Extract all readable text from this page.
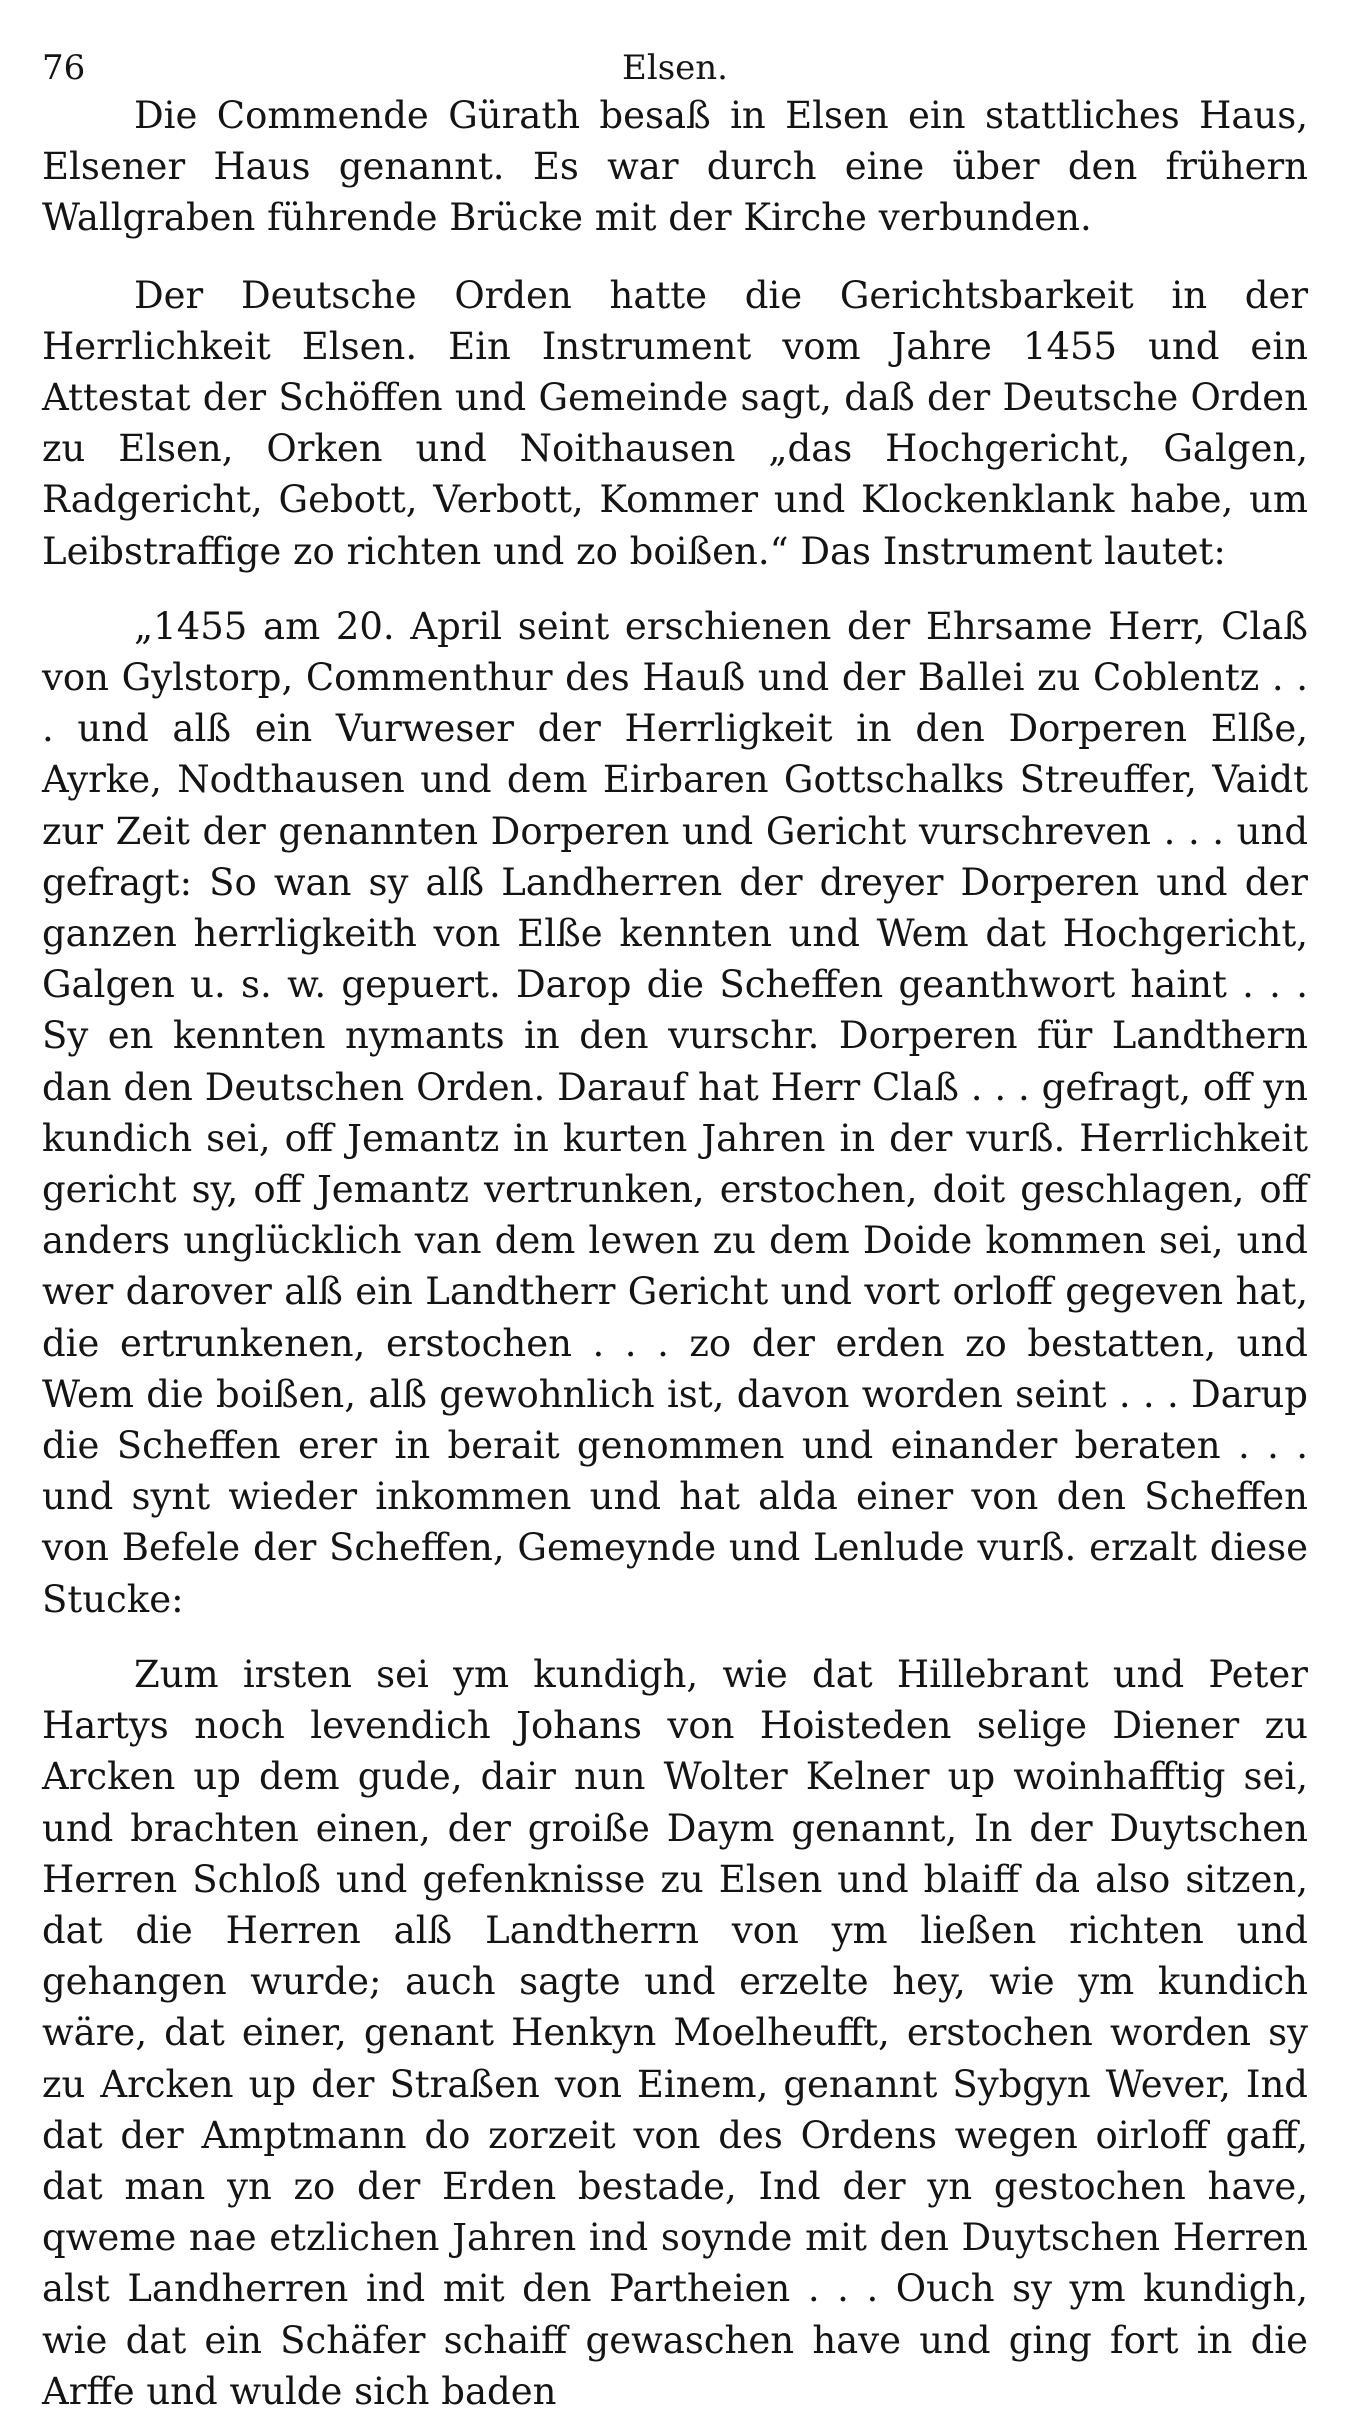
76	Elsen.

Die Commende Gürath besaß in Elsen ein stattliches Haus, Elsener Haus genannt. Es war durch eine über den frühern Wallgraben führende Brücke mit der Kirche verbunden.

Der Deutsche Orden hatte die Gerichtsbarkeit in der Herrlichkeit Elsen. Ein Instrument vom Jahre 1455 und ein Attestat der Schöffen und Gemeinde sagt, daß der Deutsche Orden zu Elsen, Orken und Noithausen „das Hochgericht, Galgen, Radgericht, Gebott, Verbott, Kommer und Klockenklank habe, um Leibstraffige zo richten und zo boißen.“ Das Instrument lautet:

„1455 am 20. April seint erschienen der Ehrsame Herr, Claß von Gylstorp, Commenthur des Hauß und der Ballei zu Coblentz . . . und alß ein Vurweser der Herrligkeit in den Dorperen Elße, Ayrke, Nodthausen und dem Eirbaren Gottschalks Streuffer, Vaidt zur Zeit der genannten Dorperen und Gericht vurschreven . . . und gefragt: So wan sy alß Landherren der dreyer Dorperen und der ganzen herrligkeith von Elße kennten und Wem dat Hochgericht, Galgen u. s. w. gepuert. Darop die Scheffen geanthwort haint . . . Sy en kennten nymants in den vurschr. Dorperen für Landthern dan den Deutschen Orden. Darauf hat Herr Claß . . . gefragt, off yn kundich sei, off Jemantz in kurten Jahren in der vurß. Herrlichkeit gericht sy, off Jemantz vertrunken, erstochen, doit geschlagen, off anders unglücklich van dem lewen zu dem Doide kommen sei, und wer darover alß ein Landtherr Gericht und vort orloff gegeven hat, die ertrunkenen, erstochen . . . zo der erden zo bestatten, und Wem die boißen, alß gewohnlich ist, davon worden seint . . . Darup die Scheffen erer in berait genommen und einander beraten . . . und synt wieder inkommen und hat alda einer von den Scheffen von Befele der Scheffen, Gemeynde und Lenlude vurß. erzalt diese Stucke:

Zum irsten sei ym kundigh, wie dat Hillebrant und Peter Hartys noch levendich Johans von Hoisteden selige Diener zu Arcken up dem gude, dair nun Wolter Kelner up woinhafftig sei, und brachten einen, der groiße Daym genannt, In der Duytschen Herren Schloß und gefenknisse zu Elsen und blaiff da also sitzen, dat die Herren alß Landtherrn von ym ließen richten und gehangen wurde; auch sagte und erzelte hey, wie ym kundich wäre, dat einer, genant Henkyn Moelheufft, erstochen worden sy zu Arcken up der Straßen von Einem, genannt Sybgyn Wever, Ind dat der Amptmann do zorzeit von des Ordens wegen oirloff gaff, dat man yn zo der Erden bestade, Ind der yn gestochen have, qweme nae etzlichen Jahren ind soynde mit den Duytschen Herren alst Landherren ind mit den Partheien . . . Ouch sy ym kundigh, wie dat ein Schäfer schaiff gewaschen have und ging fort in die Arffe und wulde sich baden
